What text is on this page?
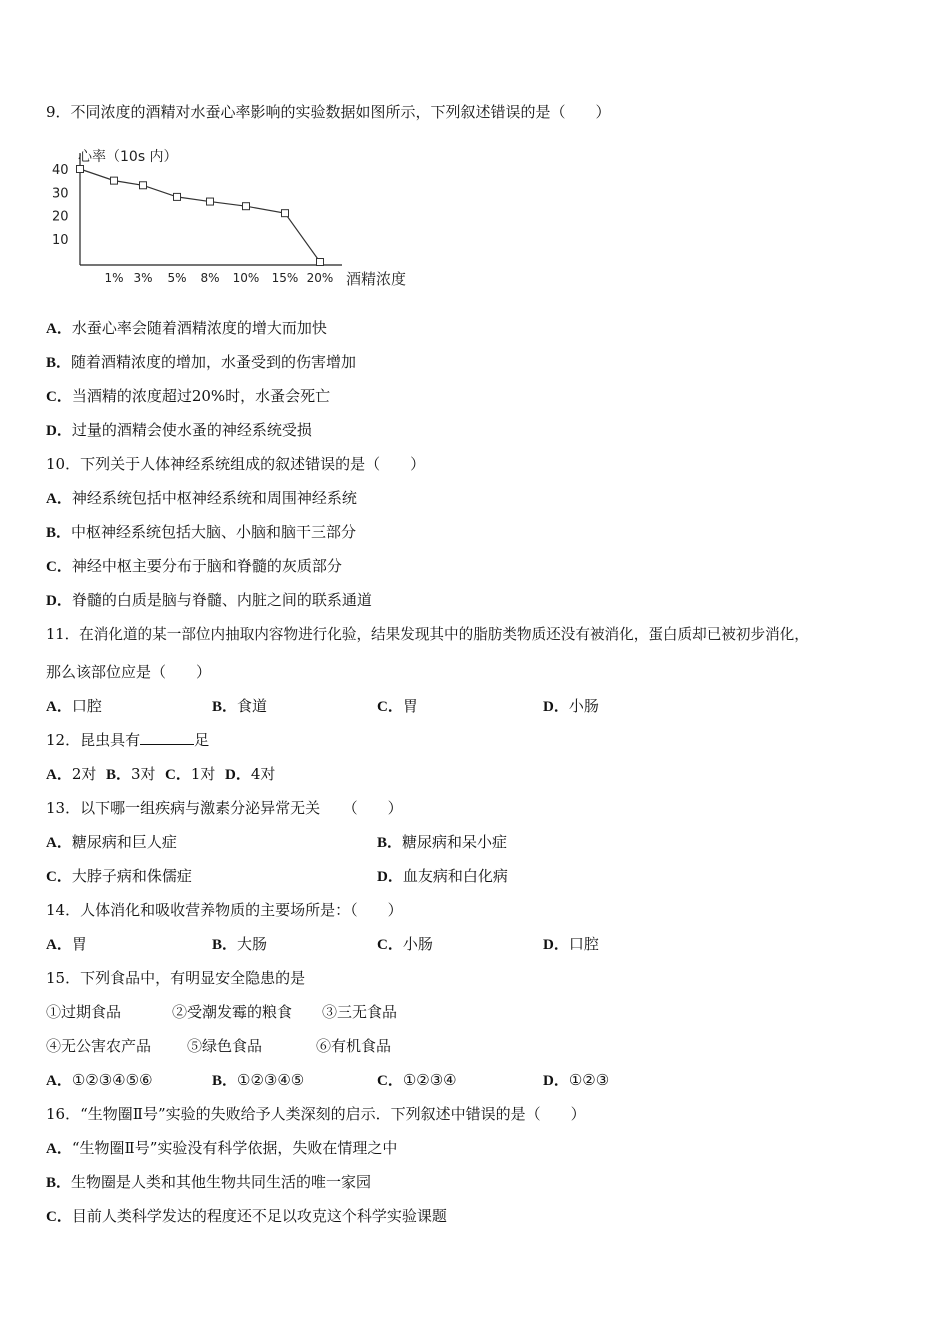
9．不同浓度的酒精对水蚕心率影响的实验数据如图所示，下列叙述错误的是（　　）
心率（10s 内）
酒精浓度
10
20
30
40
1% 3% 5% 8% 10% 15% 20%
A．水蚕心率会随着酒精浓度的增大而加快
B．随着酒精浓度的增加，水蚤受到的伤害增加
C．当酒精的浓度超过20%时，水蚤会死亡
D．过量的酒精会使水蚤的神经系统受损
10．下列关于人体神经系统组成的叙述错误的是（　　）
A．神经系统包括中枢神经系统和周围神经系统
B．中枢神经系统包括大脑、小脑和脑干三部分
C．神经中枢主要分布于脑和脊髓的灰质部分
D．脊髓的白质是脑与脊髓、内脏之间的联系通道
11．在消化道的某一部位内抽取内容物进行化验，结果发现其中的脂肪类物质还没有被消化，蛋白质却已被初步消化，
那么该部位应是（　　）
A．口腔	B．食道	C．胃	D．小肠
12．昆虫具有	足
A．2对 B．3对 C．1对 D．4对
13．以下哪一组疾病与激素分泌异常无关　　（　　）
A．糖尿病和巨人症	B．糖尿病和呆小症
C．大脖子病和侏儒症	D．血友病和白化病
14．人体消化和吸收营养物质的主要场所是：（　　）
A．胃	B．大肠	C．小肠	D．口腔
15．下列食品中，有明显安全隐患的是
①过期食品	②受潮发霉的粮食 ③三无食品
④无公害农产品 ⑤绿色食品	⑥有机食品
A．①②③④⑤⑥	B．①②③④⑤	C．①②③④	D．①②③
16．“生物圈Ⅱ号”实验的失败给予人类深刻的启示．下列叙述中错误的是（　　）
A．“生物圈Ⅱ号”实验没有科学依据，失败在情理之中
B．生物圈是人类和其他生物共同生活的唯一家园
C．目前人类科学发达的程度还不足以攻克这个科学实验课题
